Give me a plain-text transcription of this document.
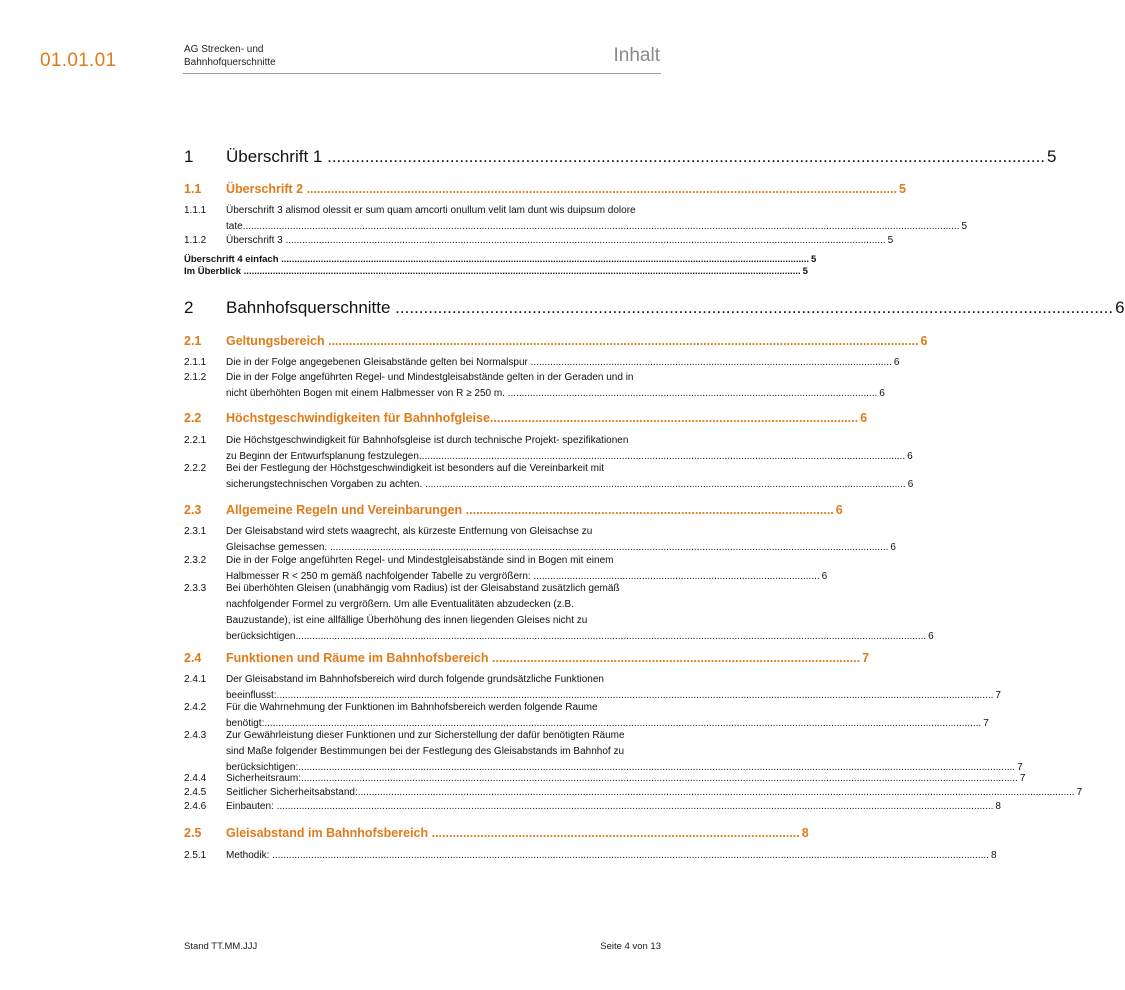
01.01.01
AG Strecken- und
Bahnhofquerschnitte	Inhalt
1 Überschrift 1 ........................................................................................................................................................ 5
1.1 Überschrift 2 .......................................................................................................................................................................... 5
1.1.1 Überschrift 3 alismod olessit er sum quam amcorti onullum velit lam dunt wis duipsum dolore
tate .................................................................................................................................................................................................................................................................. 5
1.1.2 Überschrift 3 ........................................................................................................................................................................................................................ 5
Überschrift 4 einfach ........................................................................................................................................................................................................ 5
Im Überblick ................................................................................................................................................................................................................... 5
2 Bahnhofsquerschnitte ........................................................................................................................................................ 6
2.1 Geltungsbereich .......................................................................................................................................................................... 6
2.1.1 Die in der Folge angegebenen Gleisabstände gelten bei Normalspur .................................................................................................................................. 6
2.1.2 Die in der Folge angeführten Regel- und Mindestgleisabstände gelten in der Geraden und in
nicht überhöhten Bogen mit einem Halbmesser von R ≥ 250 m. ..................................................................................................................................... 6
2.2 Höchstgeschwindigkeiten für Bahnhofgleise .......................................................................................................... 6
2.2.1 Die Höchstgeschwindigkeit für Bahnhofsgleise ist durch technische Projekt- spezifikationen
zu Beginn der Entwurfsplanung festzulegen. .............................................................................................................................................................................. 6
2.2.2 Bei der Festlegung der Höchstgeschwindigkeit ist besonders auf die Vereinbarkeit mit
sicherungstechnischen Vorgaben zu achten. ............................................................................................................................................................................. 6
2.3 Allgemeine Regeln und Vereinbarungen .......................................................................................................... 6
2.3.1 Der Gleisabstand wird stets waagrecht, als kürzeste Entfernung von Gleisachse zu
Gleisachse gemessen. ......................................................................................................................................................................................................... 6
2.3.2 Die in der Folge angeführten Regel- und Mindestgleisabstände sind in Bogen mit einem
Halbmesser R < 250 m gemäß nachfolgender Tabelle zu vergrößern: ....................................................................................................... 6
2.3.3 Bei überhöhten Gleisen (unabhängig vom Radius) ist der Gleisabstand zusätzlich gemäß
nachfolgender Formel zu vergrößern. Um alle Eventualitäten abzudecken (z.B.
Bauzustande), ist eine allfällige Überhöhung des innen liegenden Gleises nicht zu
berücksichtigen. .................................................................................................................................................................................................................................. 6
2.4 Funktionen und Räume im Bahnhofsbereich .......................................................................................................... 7
2.4.1 Der Gleisabstand im Bahnhofsbereich wird durch folgende grundsätzliche Funktionen
beeinflusst: .................................................................................................................................................................................................................................................................. 7
2.4.2 Für die Wahrnehmung der Funktionen im Bahnhofsbereich werden folgende Raume
benötigt: .................................................................................................................................................................................................................................................................. 7
2.4.3 Zur Gewährleistung dieser Funktionen und zur Sicherstellung der dafür benötigten Räume
sind Maße folgender Bestimmungen bei der Festlegung des Gleisabstands im Bahnhof zu
berücksichtigen: .................................................................................................................................................................................................................................................................. 7
2.4.4 Sicherheitsraum: .................................................................................................................................................................................................................................................................. 7
2.4.5 Seitlicher Sicherheitsabstand: .................................................................................................................................................................................................................................................................. 7
2.4.6 Einbauten: .................................................................................................................................................................................................................................................................. 8
2.5 Gleisabstand im Bahnhofsbereich .......................................................................................................... 8
2.5.1 Methodik: .................................................................................................................................................................................................................................................................. 8
Stand TT.MM.JJJ	Seite 4 von 13
